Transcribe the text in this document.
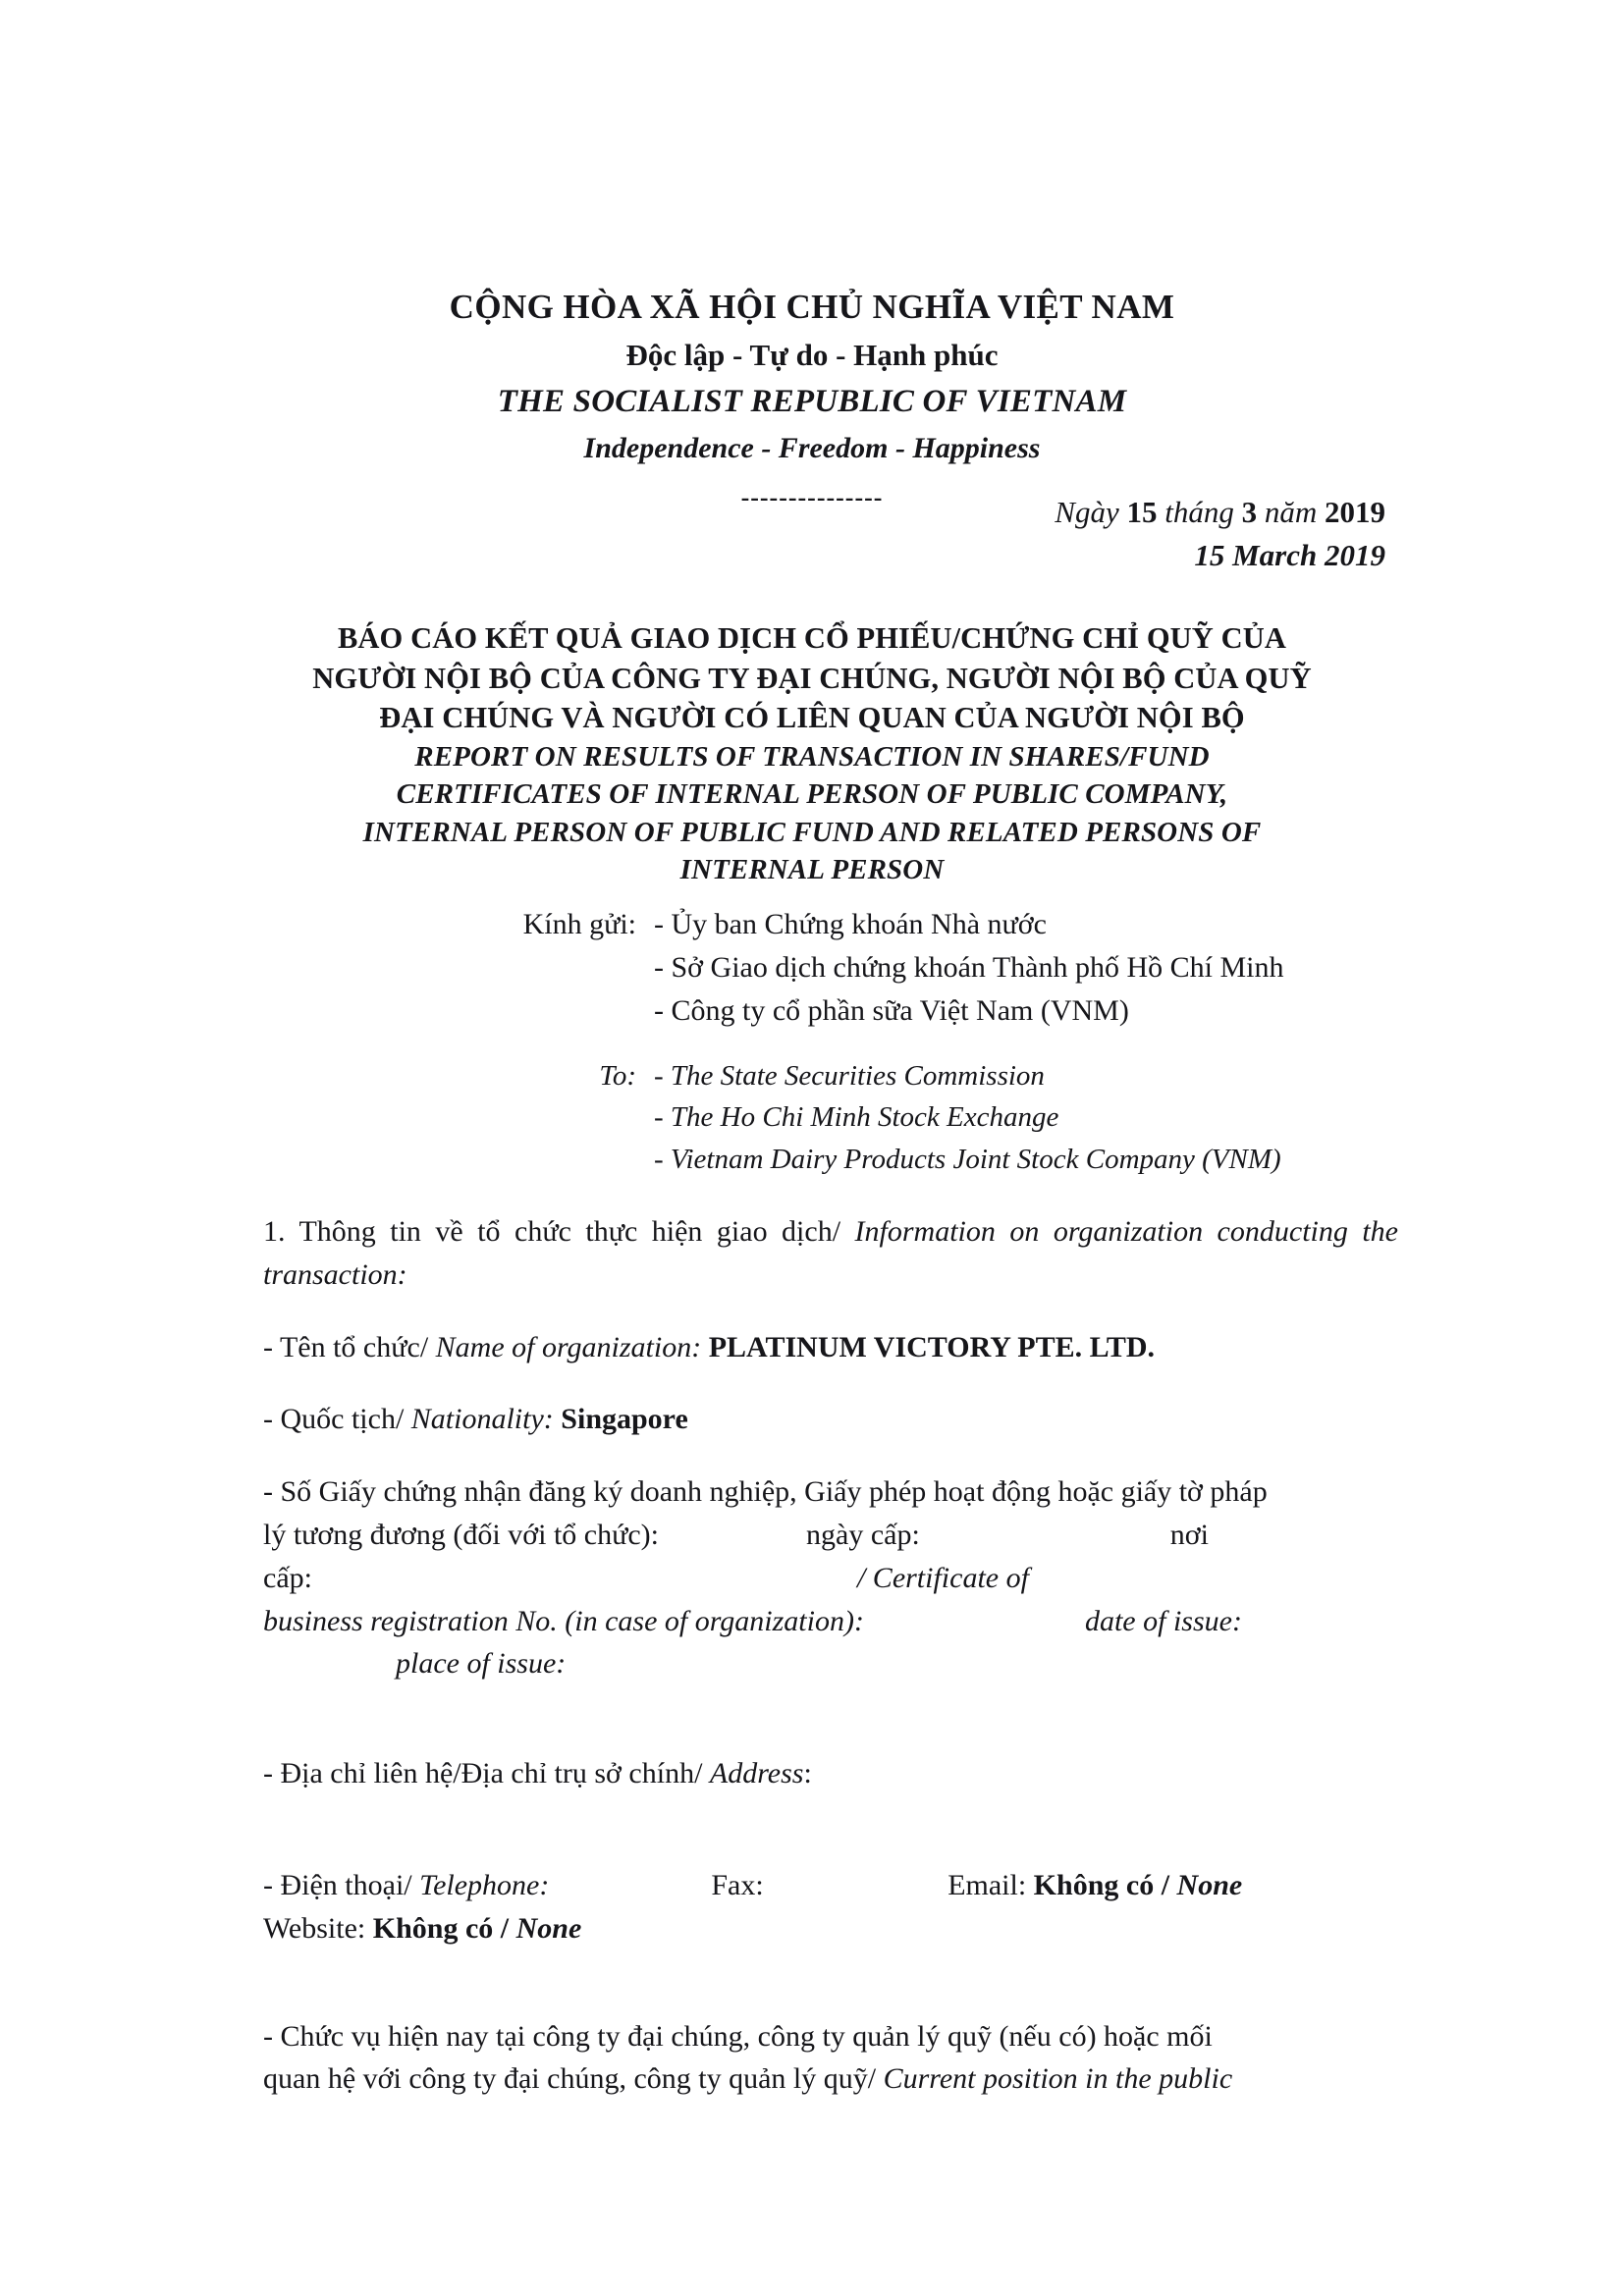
CỘNG HÒA XÃ HỘI CHỦ NGHĨA VIỆT NAM
Độc lập - Tự do - Hạnh phúc
THE SOCIALIST REPUBLIC OF VIETNAM
Independence - Freedom - Happiness
---------------	Ngày 15 tháng 3 năm 2019
15 March 2019
BÁO CÁO KẾT QUẢ GIAO DỊCH CỔ PHIẾU/CHỨNG CHỈ QUỸ CỦA
NGƯỜI NỘI BỘ CỦA CÔNG TY ĐẠI CHÚNG, NGƯỜI NỘI BỘ CỦA QUỸ
ĐẠI CHÚNG VÀ NGƯỜI CÓ LIÊN QUAN CỦA NGƯỜI NỘI BỘ
REPORT ON RESULTS OF TRANSACTION IN SHARES/FUND
CERTIFICATES OF INTERNAL PERSON OF PUBLIC COMPANY,
INTERNAL PERSON OF PUBLIC FUND AND RELATED PERSONS OF
INTERNAL PERSON
Kính gửi: - Ủy ban Chứng khoán Nhà nước
- Sở Giao dịch chứng khoán Thành phố Hồ Chí Minh
- Công ty cổ phần sữa Việt Nam (VNM)
To: - The State Securities Commission
- The Ho Chi Minh Stock Exchange
- Vietnam Dairy Products Joint Stock Company (VNM)

1. Thông tin về tổ chức thực hiện giao dịch/ Information on organization conducting the transaction:

- Tên tổ chức/ Name of organization: PLATINUM VICTORY PTE. LTD.

- Quốc tịch/ Nationality: Singapore

- Số Giấy chứng nhận đăng ký doanh nghiệp, Giấy phép hoạt động hoặc giấy tờ pháp
lý tương đương (đối với tổ chức):	ngày cấp:	nơi
cấp:	/ Certificate of
business registration No. (in case of organization):	date of issue:
place of issue:

- Địa chỉ liên hệ/Địa chỉ trụ sở chính/ Address:

- Điện thoại/ Telephone:	Fax:	Email: Không có / None
Website: Không có / None
- Chức vụ hiện nay tại công ty đại chúng, công ty quản lý quỹ (nếu có) hoặc mối
quan hệ với công ty đại chúng, công ty quản lý quỹ/ Current position in the public
